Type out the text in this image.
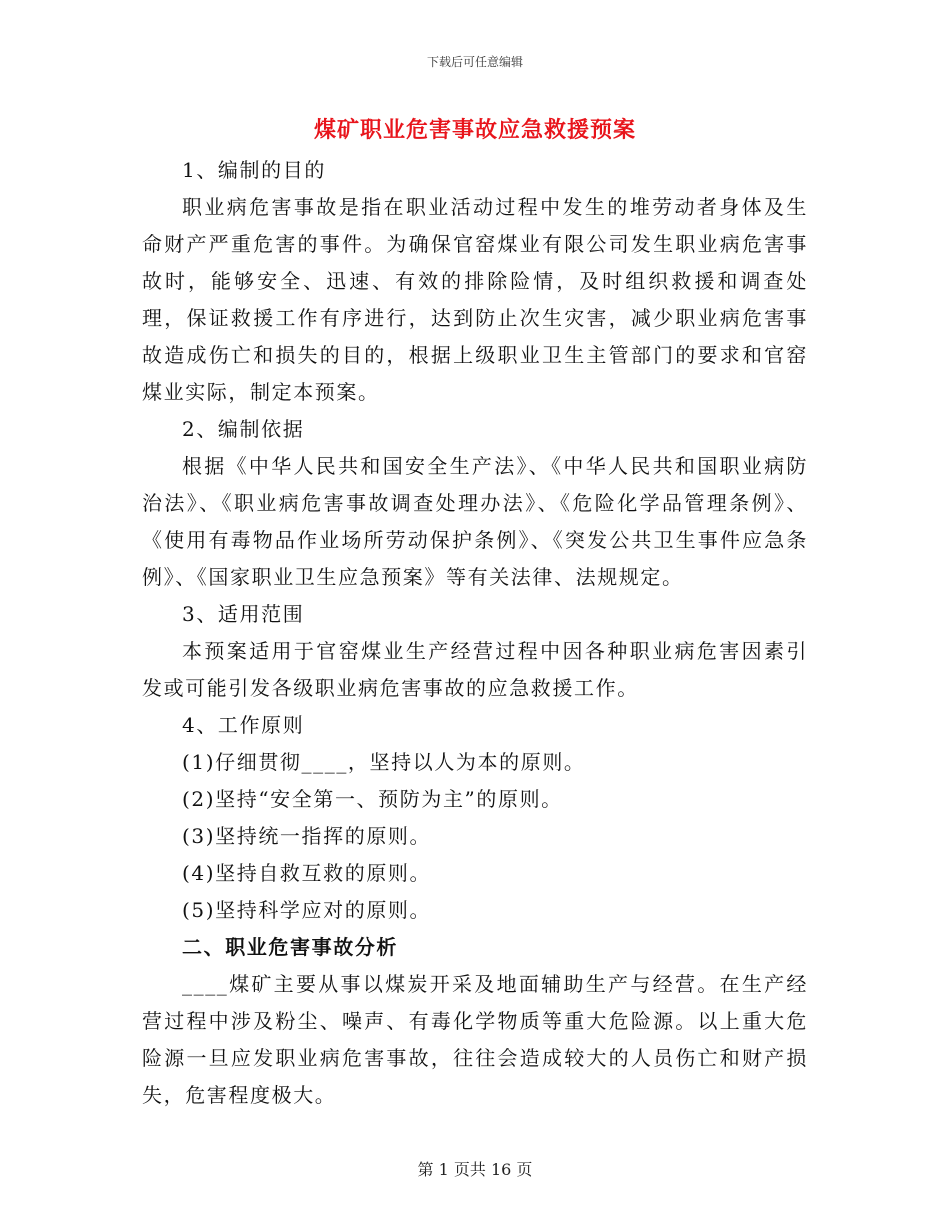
下载后可任意编辑
煤矿职业危害事故应急救援预案

1、编制的目的

职业病危害事故是指在职业活动过程中发生的堆劳动者身体及生命财产严重危害的事件。为确保官窑煤业有限公司发生职业病危害事故时，能够安全、迅速、有效的排除险情，及时组织救援和调查处理，保证救援工作有序进行，达到防止次生灾害，减少职业病危害事故造成伤亡和损失的目的，根据上级职业卫生主管部门的要求和官窑煤业实际，制定本预案。

2、编制依据

根据《中华人民共和国安全生产法》、《中华人民共和国职业病防治法》、《职业病危害事故调查处理办法》、《危险化学品管理条例》、《使用有毒物品作业场所劳动保护条例》、《突发公共卫生事件应急条例》、《国家职业卫生应急预案》等有关法律、法规规定。

3、适用范围

本预案适用于官窑煤业生产经营过程中因各种职业病危害因素引发或可能引发各级职业病危害事故的应急救援工作。

4、工作原则

(1)仔细贯彻____，坚持以人为本的原则。

(2)坚持“安全第一、预防为主”的原则。

(3)坚持统一指挥的原则。

(4)坚持自救互救的原则。

(5)坚持科学应对的原则。

二、职业危害事故分析

____煤矿主要从事以煤炭开采及地面辅助生产与经营。在生产经营过程中涉及粉尘、噪声、有毒化学物质等重大危险源。以上重大危险源一旦应发职业病危害事故，往往会造成较大的人员伤亡和财产损失，危害程度极大。

第 1 页共 16 页
